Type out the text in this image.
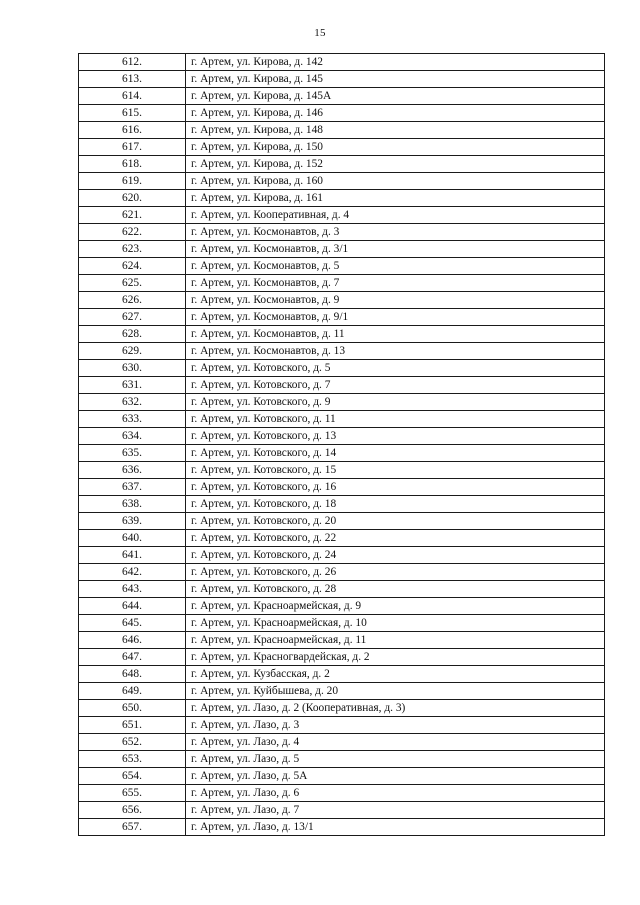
15
612.	г. Артем, ул. Кирова, д. 142
613.	г. Артем, ул. Кирова, д. 145
614.	г. Артем, ул. Кирова, д. 145А
615.	г. Артем, ул. Кирова, д. 146
616.	г. Артем, ул. Кирова, д. 148
617.	г. Артем, ул. Кирова, д. 150
618.	г. Артем, ул. Кирова, д. 152
619.	г. Артем, ул. Кирова, д. 160
620.	г. Артем, ул. Кирова, д. 161
621.	г. Артем, ул. Кооперативная, д. 4
622.	г. Артем, ул. Космонавтов, д. 3
623.	г. Артем, ул. Космонавтов, д. 3/1
624.	г. Артем, ул. Космонавтов, д. 5
625.	г. Артем, ул. Космонавтов, д. 7
626.	г. Артем, ул. Космонавтов, д. 9
627.	г. Артем, ул. Космонавтов, д. 9/1
628.	г. Артем, ул. Космонавтов, д. 11
629.	г. Артем, ул. Космонавтов, д. 13
630.	г. Артем, ул. Котовского, д. 5
631.	г. Артем, ул. Котовского, д. 7
632.	г. Артем, ул. Котовского, д. 9
633.	г. Артем, ул. Котовского, д. 11
634.	г. Артем, ул. Котовского, д. 13
635.	г. Артем, ул. Котовского, д. 14
636.	г. Артем, ул. Котовского, д. 15
637.	г. Артем, ул. Котовского, д. 16
638.	г. Артем, ул. Котовского, д. 18
639.	г. Артем, ул. Котовского, д. 20
640.	г. Артем, ул. Котовского, д. 22
641.	г. Артем, ул. Котовского, д. 24
642.	г. Артем, ул. Котовского, д. 26
643.	г. Артем, ул. Котовского, д. 28
644.	г. Артем, ул. Красноармейская, д. 9
645.	г. Артем, ул. Красноармейская, д. 10
646.	г. Артем, ул. Красноармейская, д. 11
647.	г. Артем, ул. Красногвардейская, д. 2
648.	г. Артем, ул. Кузбасская, д. 2
649.	г. Артем, ул. Куйбышева, д. 20
650.	г. Артем, ул. Лазо, д. 2 (Кооперативная, д. 3)
651.	г. Артем, ул. Лазо, д. 3
652.	г. Артем, ул. Лазо, д. 4
653.	г. Артем, ул. Лазо, д. 5
654.	г. Артем, ул. Лазо, д. 5А
655.	г. Артем, ул. Лазо, д. 6
656.	г. Артем, ул. Лазо, д. 7
657.	г. Артем, ул. Лазо, д. 13/1
